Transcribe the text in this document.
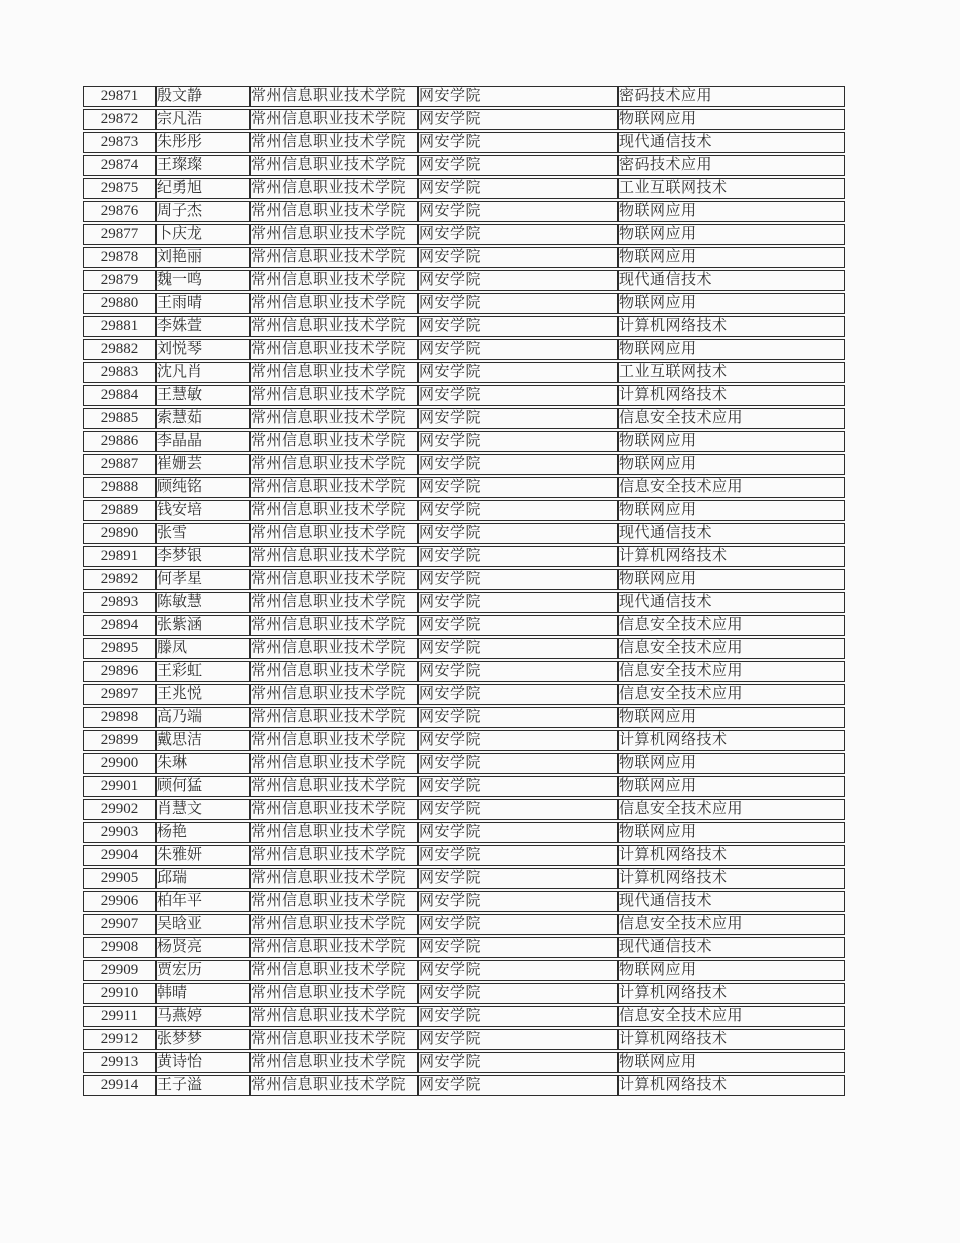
29871	殷文静	常州信息职业技术学院	网安学院	密码技术应用
29872	宗凡浩	常州信息职业技术学院	网安学院	物联网应用
29873	朱彤彤	常州信息职业技术学院	网安学院	现代通信技术
29874	王璨璨	常州信息职业技术学院	网安学院	密码技术应用
29875	纪勇旭	常州信息职业技术学院	网安学院	工业互联网技术
29876	周子杰	常州信息职业技术学院	网安学院	物联网应用
29877	卜庆龙	常州信息职业技术学院	网安学院	物联网应用
29878	刘艳丽	常州信息职业技术学院	网安学院	物联网应用
29879	魏一鸣	常州信息职业技术学院	网安学院	现代通信技术
29880	王雨晴	常州信息职业技术学院	网安学院	物联网应用
29881	李姝萱	常州信息职业技术学院	网安学院	计算机网络技术
29882	刘悦琴	常州信息职业技术学院	网安学院	物联网应用
29883	沈凡肖	常州信息职业技术学院	网安学院	工业互联网技术
29884	王慧敏	常州信息职业技术学院	网安学院	计算机网络技术
29885	索慧茹	常州信息职业技术学院	网安学院	信息安全技术应用
29886	李晶晶	常州信息职业技术学院	网安学院	物联网应用
29887	崔姗芸	常州信息职业技术学院	网安学院	物联网应用
29888	顾纯铭	常州信息职业技术学院	网安学院	信息安全技术应用
29889	钱安培	常州信息职业技术学院	网安学院	物联网应用
29890	张雪	常州信息职业技术学院	网安学院	现代通信技术
29891	李梦银	常州信息职业技术学院	网安学院	计算机网络技术
29892	何孝星	常州信息职业技术学院	网安学院	物联网应用
29893	陈敏慧	常州信息职业技术学院	网安学院	现代通信技术
29894	张紫涵	常州信息职业技术学院	网安学院	信息安全技术应用
29895	滕凤	常州信息职业技术学院	网安学院	信息安全技术应用
29896	王彩虹	常州信息职业技术学院	网安学院	信息安全技术应用
29897	王兆悦	常州信息职业技术学院	网安学院	信息安全技术应用
29898	高乃端	常州信息职业技术学院	网安学院	物联网应用
29899	戴思洁	常州信息职业技术学院	网安学院	计算机网络技术
29900	朱琳	常州信息职业技术学院	网安学院	物联网应用
29901	顾何猛	常州信息职业技术学院	网安学院	物联网应用
29902	肖慧文	常州信息职业技术学院	网安学院	信息安全技术应用
29903	杨艳	常州信息职业技术学院	网安学院	物联网应用
29904	朱雅妍	常州信息职业技术学院	网安学院	计算机网络技术
29905	邱瑞	常州信息职业技术学院	网安学院	计算机网络技术
29906	柏年平	常州信息职业技术学院	网安学院	现代通信技术
29907	吴晗亚	常州信息职业技术学院	网安学院	信息安全技术应用
29908	杨贤亮	常州信息职业技术学院	网安学院	现代通信技术
29909	贾宏历	常州信息职业技术学院	网安学院	物联网应用
29910	韩晴	常州信息职业技术学院	网安学院	计算机网络技术
29911	马燕婷	常州信息职业技术学院	网安学院	信息安全技术应用
29912	张梦梦	常州信息职业技术学院	网安学院	计算机网络技术
29913	黄诗怡	常州信息职业技术学院	网安学院	物联网应用
29914	王子溢	常州信息职业技术学院	网安学院	计算机网络技术
